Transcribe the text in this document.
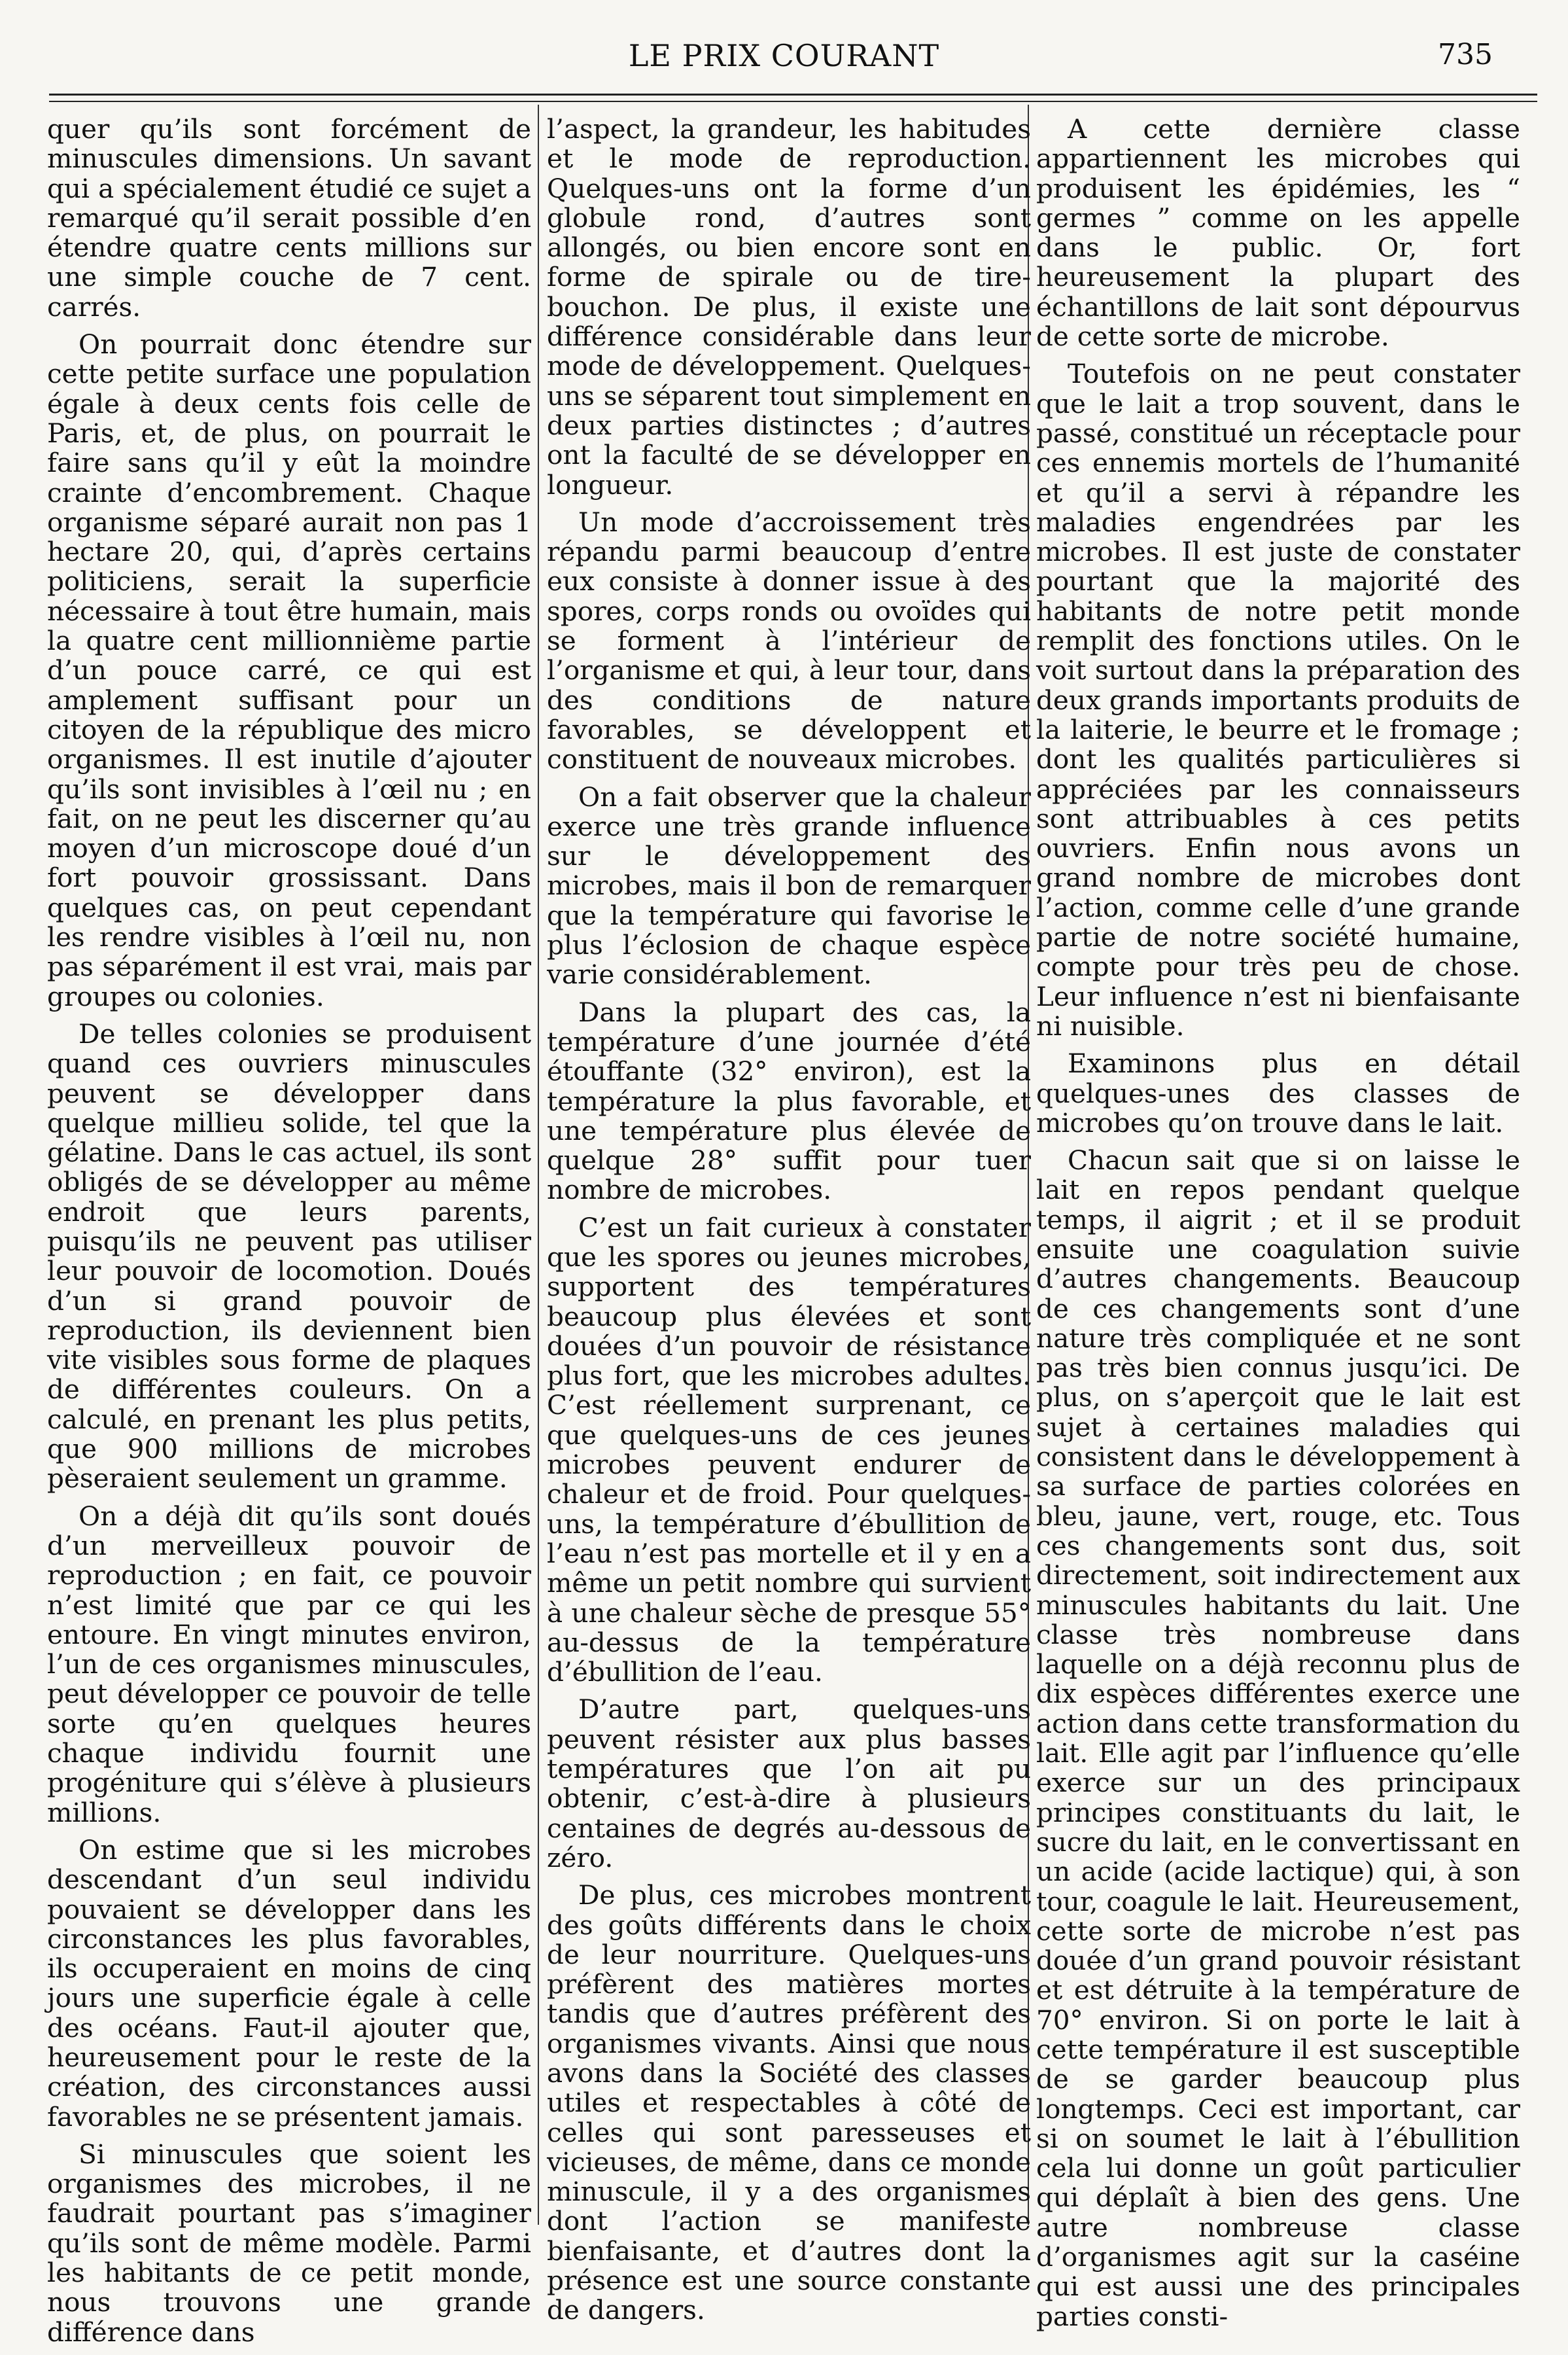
LE PRIX COURANT	735

quer qu’ils sont forcément de minuscules dimensions. Un savant qui a spécialement étudié ce sujet a remarqué qu’il serait possible d’en étendre quatre cents millions sur une simple couche de 7 cent. carrés.

On pourrait donc étendre sur cette petite surface une population égale à deux cents fois celle de Paris, et, de plus, on pourrait le faire sans qu’il y eût la moindre crainte d’encombrement. Chaque organisme séparé aurait non pas 1 hectare 20, qui, d’après certains politiciens, serait la superficie nécessaire à tout être humain, mais la quatre cent millionnième partie d’un pouce carré, ce qui est amplement suffisant pour un citoyen de la république des micro organismes. Il est inutile d’ajouter qu’ils sont invisibles à l’œil nu ; en fait, on ne peut les discerner qu’au moyen d’un microscope doué d’un fort pouvoir grossissant. Dans quelques cas, on peut cependant les rendre visibles à l’œil nu, non pas séparément il est vrai, mais par groupes ou colonies.

De telles colonies se produisent quand ces ouvriers minuscules peuvent se développer dans quelque millieu solide, tel que la gélatine. Dans le cas actuel, ils sont obligés de se développer au même endroit que leurs parents, puisqu’ils ne peuvent pas utiliser leur pouvoir de locomotion. Doués d’un si grand pouvoir de reproduction, ils deviennent bien vite visibles sous forme de plaques de différentes couleurs. On a calculé, en prenant les plus petits, que 900 millions de microbes pèseraient seulement un gramme.

On a déjà dit qu’ils sont doués d’un merveilleux pouvoir de reproduction ; en fait, ce pouvoir n’est limité que par ce qui les entoure. En vingt minutes environ, l’un de ces organismes minuscules, peut développer ce pouvoir de telle sorte qu’en quelques heures chaque individu fournit une progéniture qui s’élève à plusieurs millions.

On estime que si les microbes descendant d’un seul individu pouvaient se développer dans les circonstances les plus favorables, ils occuperaient en moins de cinq jours une superficie égale à celle des océans. Faut-il ajouter que, heureusement pour le reste de la création, des circonstances aussi favorables ne se présentent jamais.

Si minuscules que soient les organismes des microbes, il ne faudrait pourtant pas s’imaginer qu’ils sont de même modèle. Parmi les habitants de ce petit monde, nous trouvons une grande différence dans

l’aspect, la grandeur, les habitudes et le mode de reproduction. Quelques-uns ont la forme d’un globule rond, d’autres sont allongés, ou bien encore sont en forme de spirale ou de tire-bouchon. De plus, il existe une différence considérable dans leur mode de développement. Quelques-uns se séparent tout simplement en deux parties distinctes ; d’autres ont la faculté de se développer en longueur.

Un mode d’accroissement très répandu parmi beaucoup d’entre eux consiste à donner issue à des spores, corps ronds ou ovoïdes qui se forment à l’intérieur de l’organisme et qui, à leur tour, dans des conditions de nature favorables, se développent et constituent de nouveaux microbes.

On a fait observer que la chaleur exerce une très grande influence sur le développement des microbes, mais il bon de remarquer que la température qui favorise le plus l’éclosion de chaque espèce varie considérablement.

Dans la plupart des cas, la température d’une journée d’été étouffante (32° environ), est la température la plus favorable, et une température plus élevée de quelque 28° suffit pour tuer nombre de microbes.

C’est un fait curieux à constater que les spores ou jeunes microbes, supportent des températures beaucoup plus élevées et sont douées d’un pouvoir de résistance plus fort, que les microbes adultes. C’est réellement surprenant, ce que quelques-uns de ces jeunes microbes peuvent endurer de chaleur et de froid. Pour quelques-uns, la température d’ébullition de l’eau n’est pas mortelle et il y en a même un petit nombre qui survient à une chaleur sèche de presque 55° au-dessus de la température d’ébullition de l’eau.

D’autre part, quelques-uns peuvent résister aux plus basses températures que l’on ait pu obtenir, c’est-à-dire à plusieurs centaines de degrés au-dessous de zéro.

De plus, ces microbes montrent des goûts différents dans le choix de leur nourriture. Quelques-uns préfèrent des matières mortes tandis que d’autres préfèrent des organismes vivants. Ainsi que nous avons dans la Société des classes utiles et respectables à côté de celles qui sont paresseuses et vicieuses, de même, dans ce monde minuscule, il y a des organismes dont l’action se manifeste bienfaisante, et d’autres dont la présence est une source constante de dangers.

A cette dernière classe appartiennent les microbes qui produisent les épidémies, les “ germes ” comme on les appelle dans le public. Or, fort heureusement la plupart des échantillons de lait sont dépourvus de cette sorte de microbe.

Toutefois on ne peut constater que le lait a trop souvent, dans le passé, constitué un réceptacle pour ces ennemis mortels de l’humanité et qu’il a servi à répandre les maladies engendrées par les microbes. Il est juste de constater pourtant que la majorité des habitants de notre petit monde remplit des fonctions utiles. On le voit surtout dans la préparation des deux grands importants produits de la laiterie, le beurre et le fromage ; dont les qualités particulières si appréciées par les connaisseurs sont attribuables à ces petits ouvriers. Enfin nous avons un grand nombre de microbes dont l’action, comme celle d’une grande partie de notre société humaine, compte pour très peu de chose. Leur influence n’est ni bienfaisante ni nuisible.

Examinons plus en détail quelques-unes des classes de microbes qu’on trouve dans le lait.

Chacun sait que si on laisse le lait en repos pendant quelque temps, il aigrit ; et il se produit ensuite une coagulation suivie d’autres changements. Beaucoup de ces changements sont d’une nature très compliquée et ne sont pas très bien connus jusqu’ici. De plus, on s’aperçoit que le lait est sujet à certaines maladies qui consistent dans le développement à sa surface de parties colorées en bleu, jaune, vert, rouge, etc. Tous ces changements sont dus, soit directement, soit indirectement aux minuscules habitants du lait. Une classe très nombreuse dans laquelle on a déjà reconnu plus de dix espèces différentes exerce une action dans cette transformation du lait. Elle agit par l’influence qu’elle exerce sur un des principaux principes constituants du lait, le sucre du lait, en le convertissant en un acide (acide lactique) qui, à son tour, coagule le lait. Heureusement, cette sorte de microbe n’est pas douée d’un grand pouvoir résistant et est détruite à la température de 70° environ. Si on porte le lait à cette température il est susceptible de se garder beaucoup plus longtemps. Ceci est important, car si on soumet le lait à l’ébullition cela lui donne un goût particulier qui déplaît à bien des gens. Une autre nombreuse classe d’organismes agit sur la caséine qui est aussi une des principales parties consti-
